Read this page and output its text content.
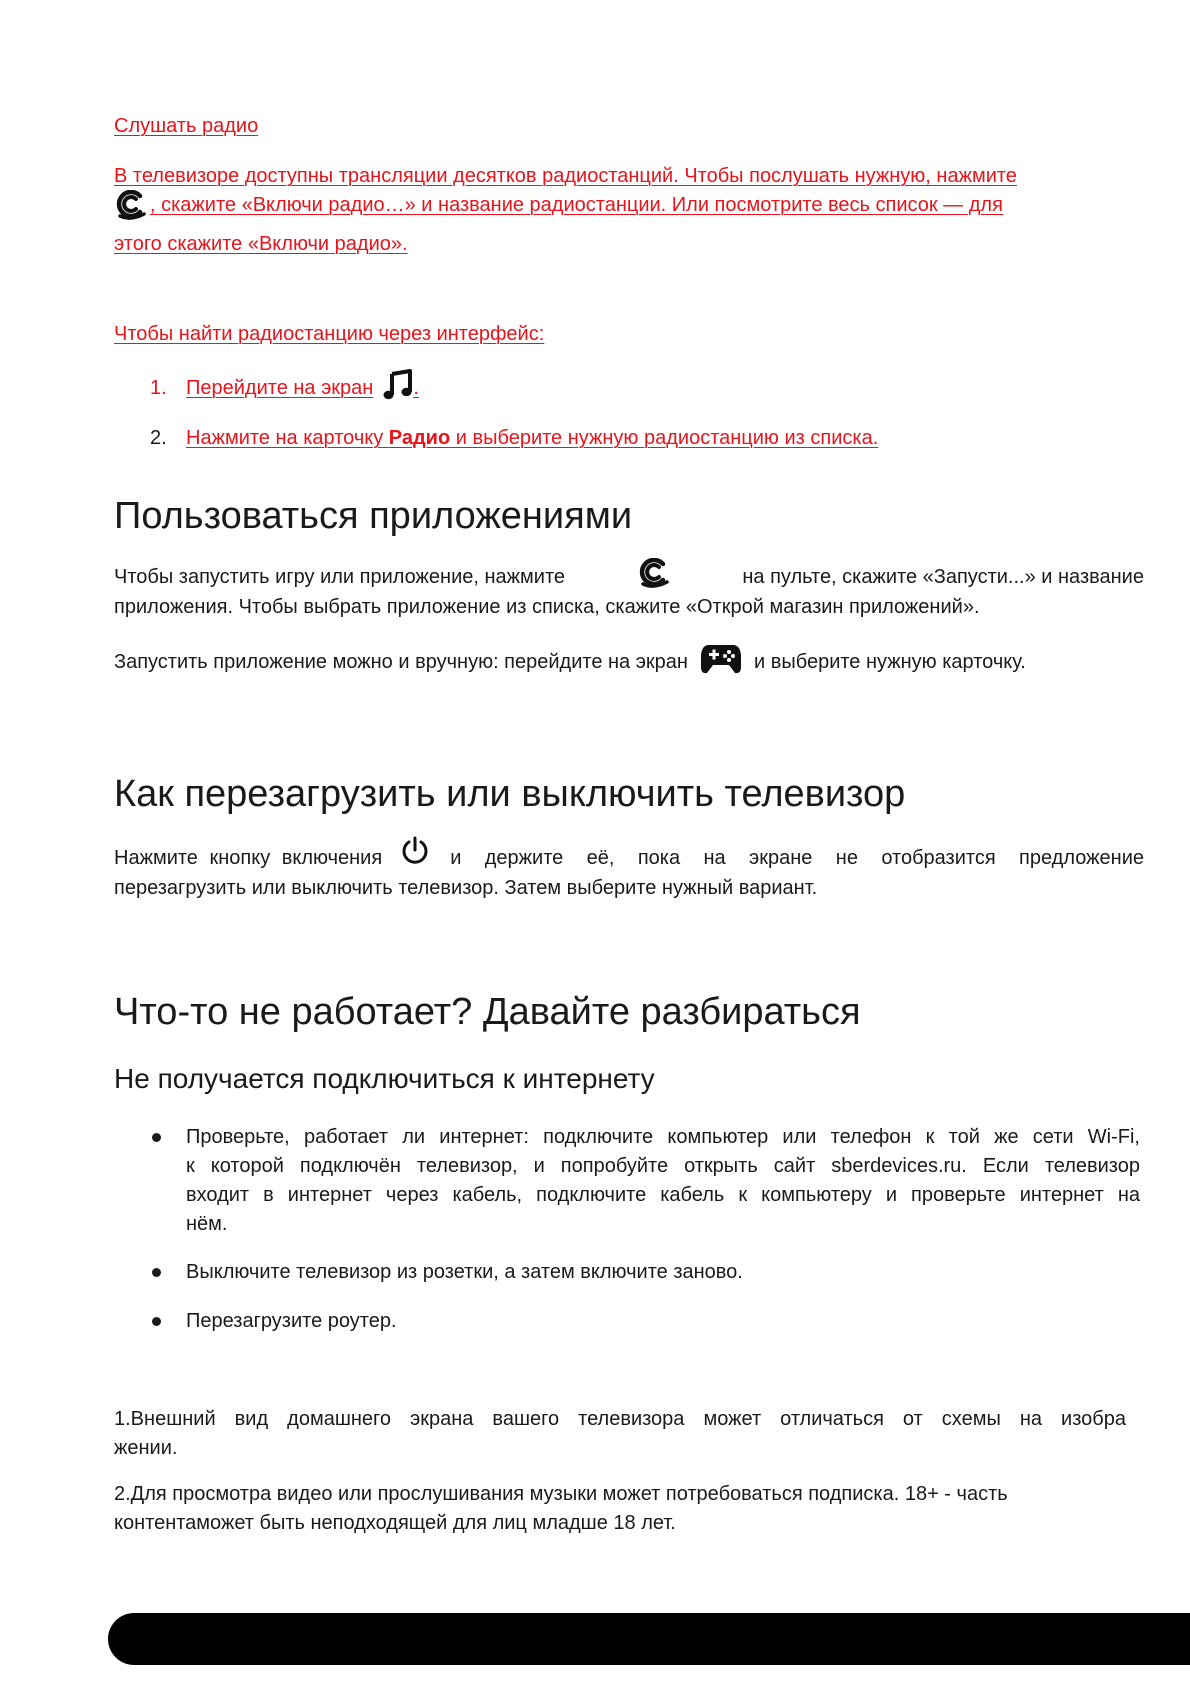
Слушать радио
В телевизоре доступны трансляции десятков радиостанций. Чтобы послушать нужную, нажмите
, скажите «Включи радио…» и название радиостанции. Или посмотрите весь список — для
этого скажите «Включи радио».
Чтобы найти радиостанцию через интерфейс:
1. Перейдите на экран .
2. Нажмите на карточку Радио и выберите нужную радиостанцию из списка.
Пользоваться приложениями
Чтобы запустить игру или приложение, нажмите	на пульте, скажите «Запусти...» и название
приложения. Чтобы выбрать приложение из списка, скажите «Открой магазин приложений».
Запустить приложение можно и вручную: перейдите на экран	и выберите нужную карточку.
Как перезагрузить или выключить телевизор
Нажмите кнопку включения	и держите её, пока на экране не отобразится предложение
перезагрузить или выключить телевизор. Затем выберите нужный вариант.
Что-то не работает? Давайте разбираться
Не получается подключиться к интернету
Проверьте, работает ли интернет: подключите компьютер или телефон к той же сети Wi-Fi,
к которой подключён телевизор, и попробуйте открыть сайт sberdevices.ru. Если телевизор
входит в интернет через кабель, подключите кабель к компьютеру и проверьте интернет на
нём.
Выключите телевизор из розетки, а затем включите заново.
Перезагрузите роутер.
1.Внешний вид домашнего экрана вашего телевизора может отличаться от схемы на изобра
жении.
2.Для просмотра видео или прослушивания музыки может потребоваться подписка. 18+ - часть
контентаможет быть неподходящей для лиц младше 18 лет.
